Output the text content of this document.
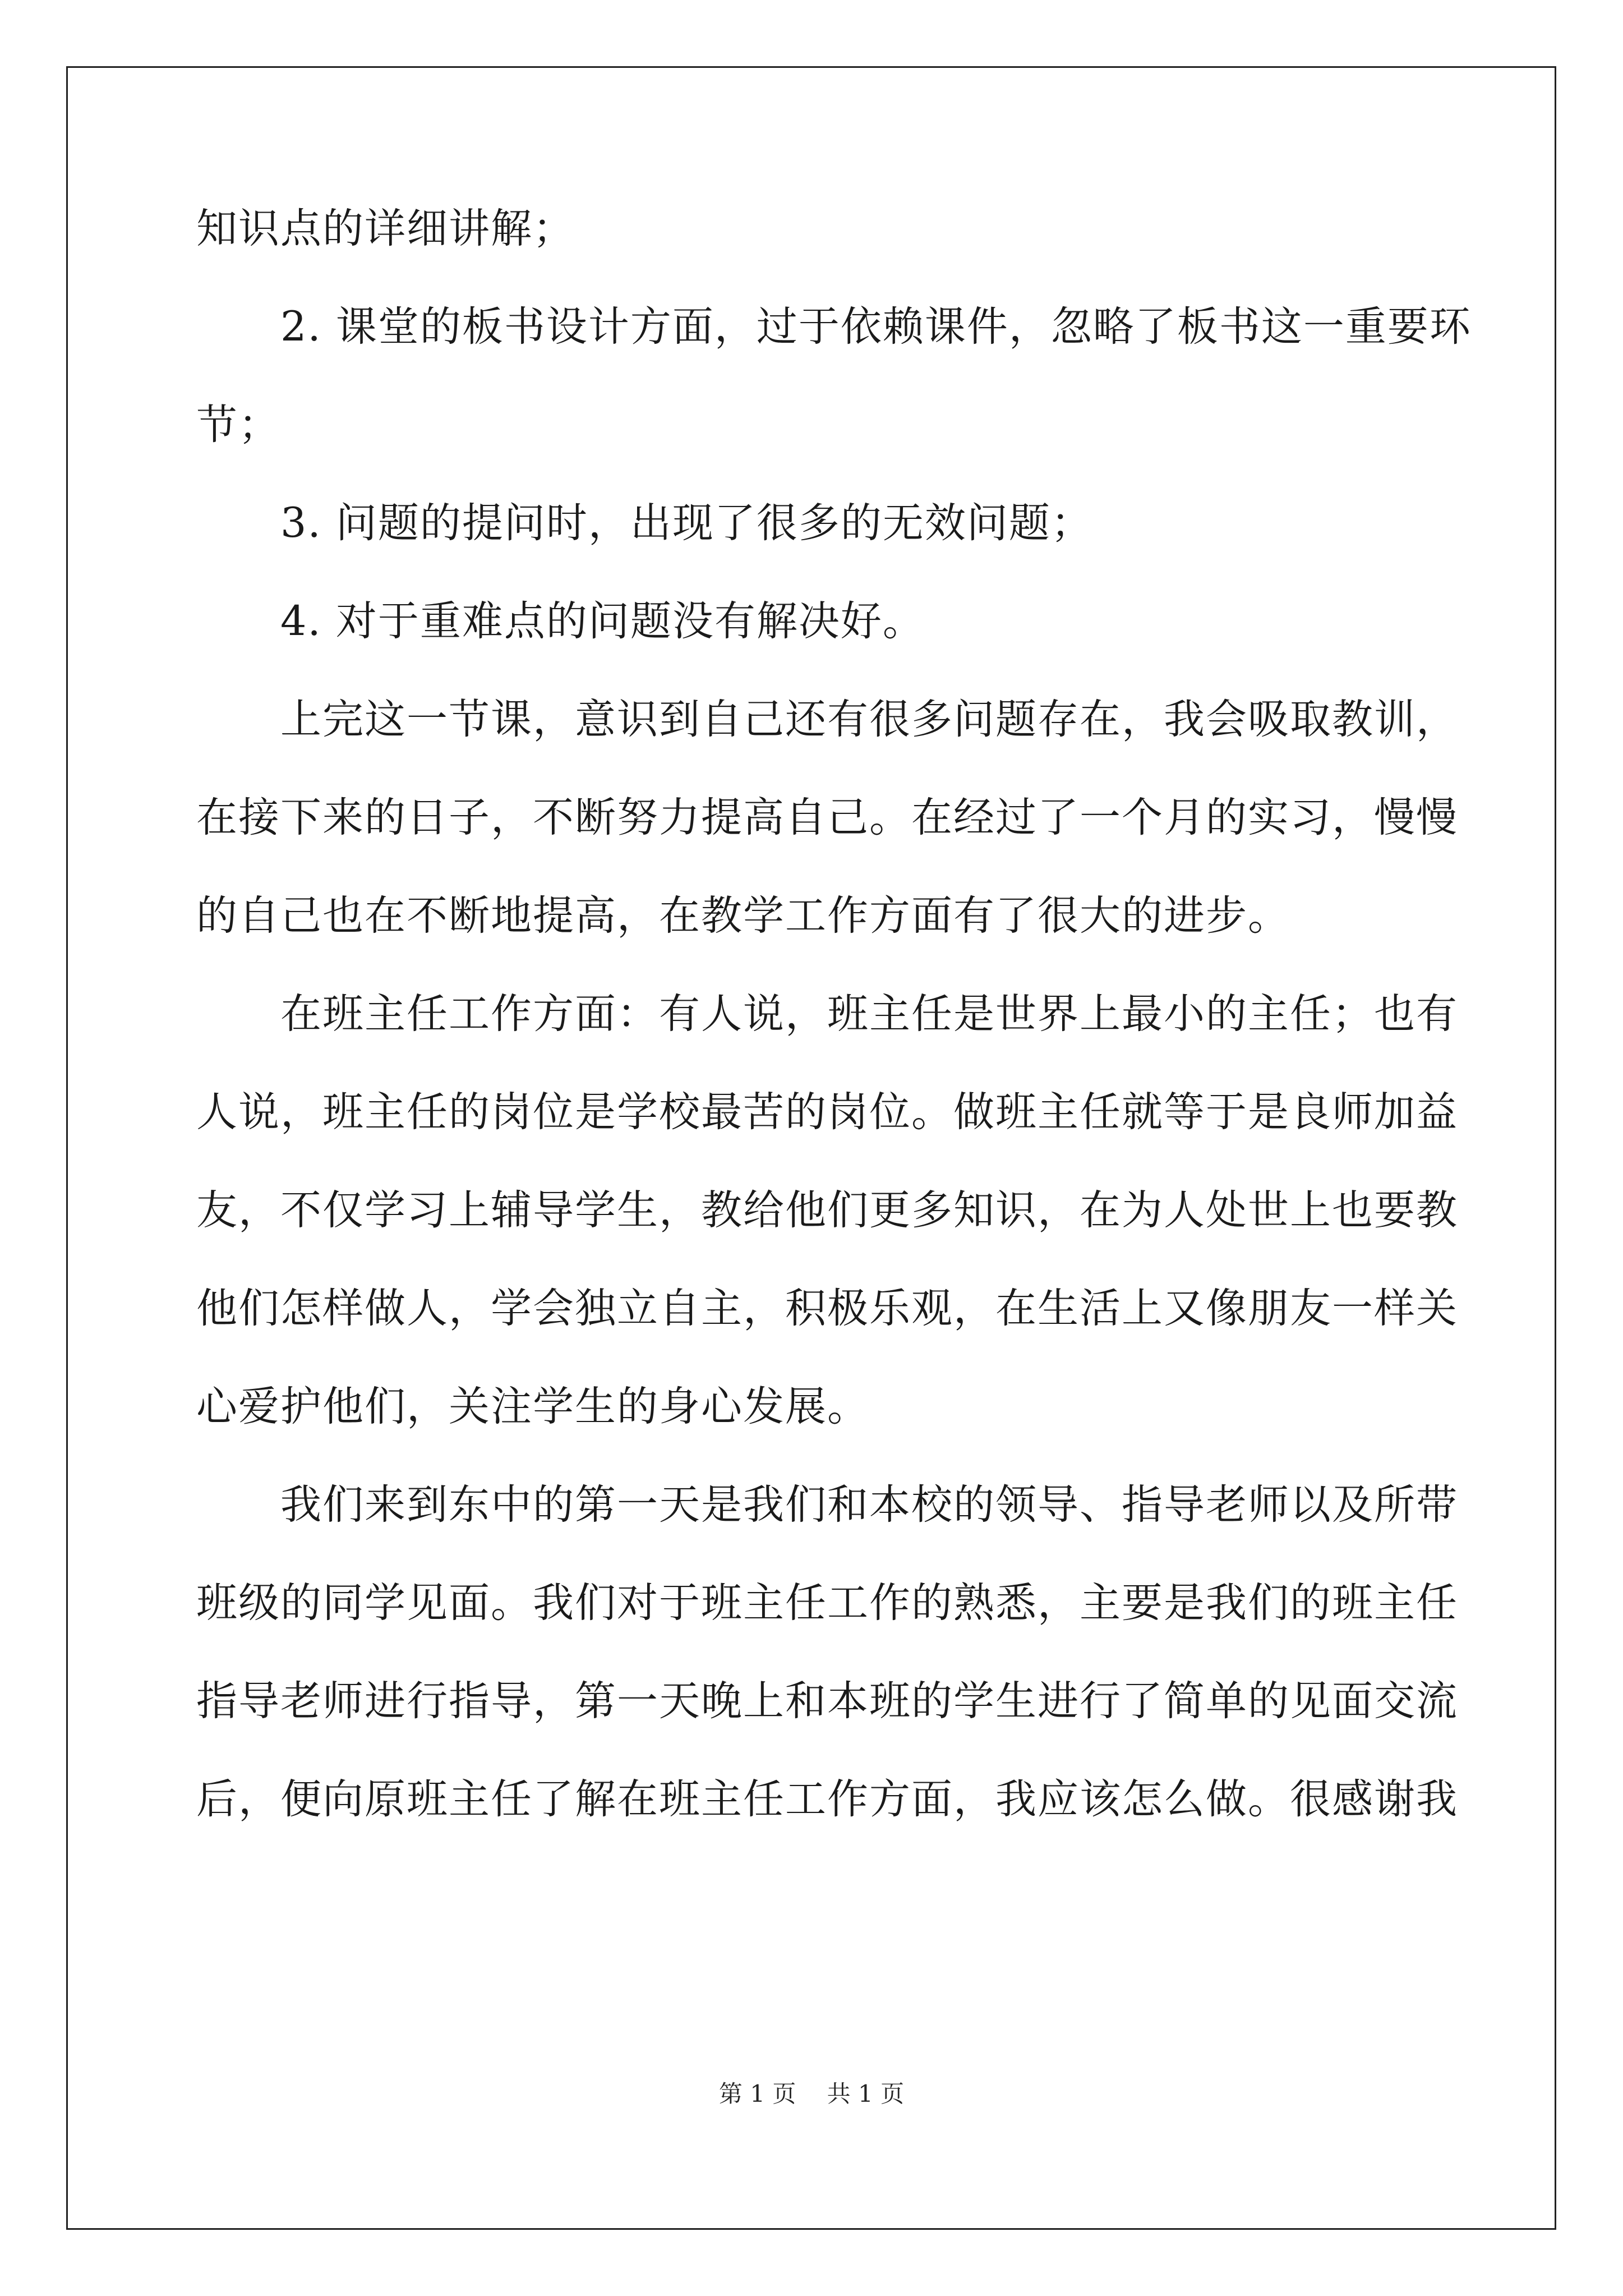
知识点的详细讲解；
　　2. 课堂的板书设计方面，过于依赖课件，忽略了板书这一重要环
节；
　　3. 问题的提问时，出现了很多的无效问题；
　　4. 对于重难点的问题没有解决好。
　　上完这一节课，意识到自己还有很多问题存在，我会吸取教训，
在接下来的日子，不断努力提高自己。在经过了一个月的实习，慢慢
的自己也在不断地提高，在教学工作方面有了很大的进步。
　　在班主任工作方面：有人说，班主任是世界上最小的主任；也有
人说，班主任的岗位是学校最苦的岗位。做班主任就等于是良师加益
友，不仅学习上辅导学生，教给他们更多知识，在为人处世上也要教
他们怎样做人，学会独立自主，积极乐观，在生活上又像朋友一样关
心爱护他们，关注学生的身心发展。
　　我们来到东中的第一天是我们和本校的领导、指导老师以及所带
班级的同学见面。我们对于班主任工作的熟悉，主要是我们的班主任
指导老师进行指导，第一天晚上和本班的学生进行了简单的见面交流
后，便向原班主任了解在班主任工作方面，我应该怎么做。很感谢我
第 1 页　 共 1 页
